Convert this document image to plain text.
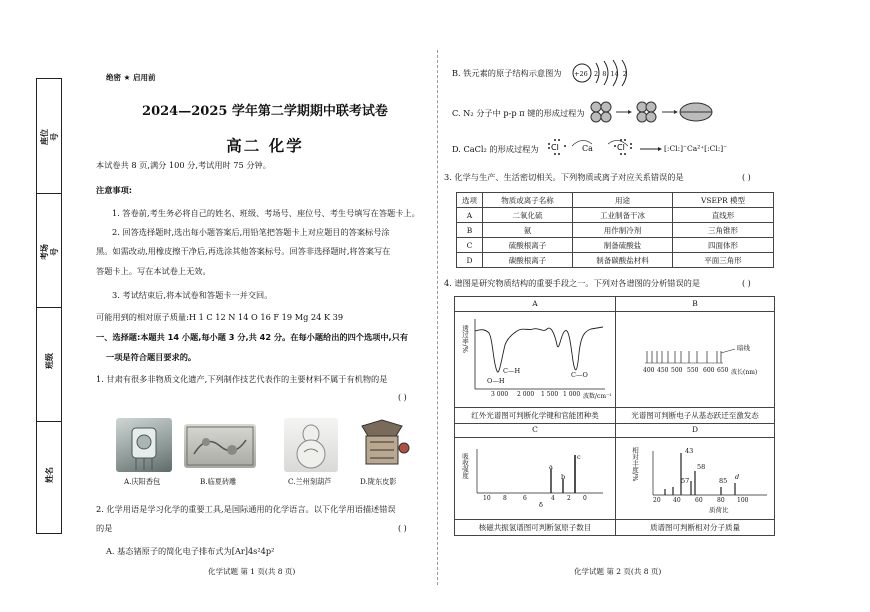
座位号
考场号
班级
姓名
绝密 ★ 启用前
2024—2025 学年第二学期期中联考试卷
高二 化学
本试卷共 8 页,满分 100 分,考试用时 75 分钟。
注意事项:
1. 答卷前,考生务必将自己的姓名、班级、考场号、座位号、考生号填写在答题卡上。
2. 回答选择题时,选出每小题答案后,用铅笔把答题卡上对应题目的答案标号涂
黑。如需改动,用橡皮擦干净后,再选涂其他答案标号。回答非选择题时,将答案写在
答题卡上。写在本试卷上无效。
3. 考试结束后,将本试卷和答题卡一并交回。
可能用到的相对原子质量:H 1 C 12 N 14 O 16 F 19 Mg 24 K 39
一、选择题:本题共 14 小题,每小题 3 分,共 42 分。在每小题给出的四个选项中,只有
一项是符合题目要求的。
1. 甘肃有很多非物质文化遗产,下列制作技艺代表作的主要材料不属于有机物的是
( )
A.庆阳香包	B.临夏砖雕	C.兰州刻葫芦	D.陇东皮影
2. 化学用语是学习化学的重要工具,是国际通用的化学语言。以下化学用语描述错误
的是	( )
A. 基态锗原子的简化电子排布式为[Ar]4s²4p²
化学试题 第 1 页(共 8 页)
B. 铁元素的原子结构示意图为 +26 2 8 14 2
C. N₂ 分子中 p-p π 键的形成过程为
D. CaCl₂ 的形成过程为 Cl	Ca	Cl → [:Cl:]⁻Ca²⁺[:Cl:]⁻
3. 化学与生产、生活密切相关。下列物质或离子对应关系错误的是	( )
选项	物质或离子名称	用途	VSEPR 模型
A	二氧化硫	工业制备干冰	直线形
B	氨	用作制冷剂	三角锥形
C	硫酸根离子	制备硫酸盐	四面体形
D	碳酸根离子	制备碳酸盐材料	平面三角形
4. 谱图是研究物质结构的重要手段之一。下列对各谱图的分析错误的是	( )
A	B
C	D
透过率/%
O—H
C—H	C—O
3 000 2 000 1 500 1 000 波数/cm⁻¹
暗线
400 450 500 550 600 650 波长(nm)
吸收强度	a
b
c
10 8	6	4 2 0
δ
相对丰度/%	43
58
57	85 d
20 40 60 80 100
质荷比
红外光谱图可判断化学键和官能团种类	光谱图可判断电子从基态跃迁至激发态
核磁共振氢谱图可判断氢原子数目	质谱图可判断相对分子质量
化学试题 第 2 页(共 8 页)
